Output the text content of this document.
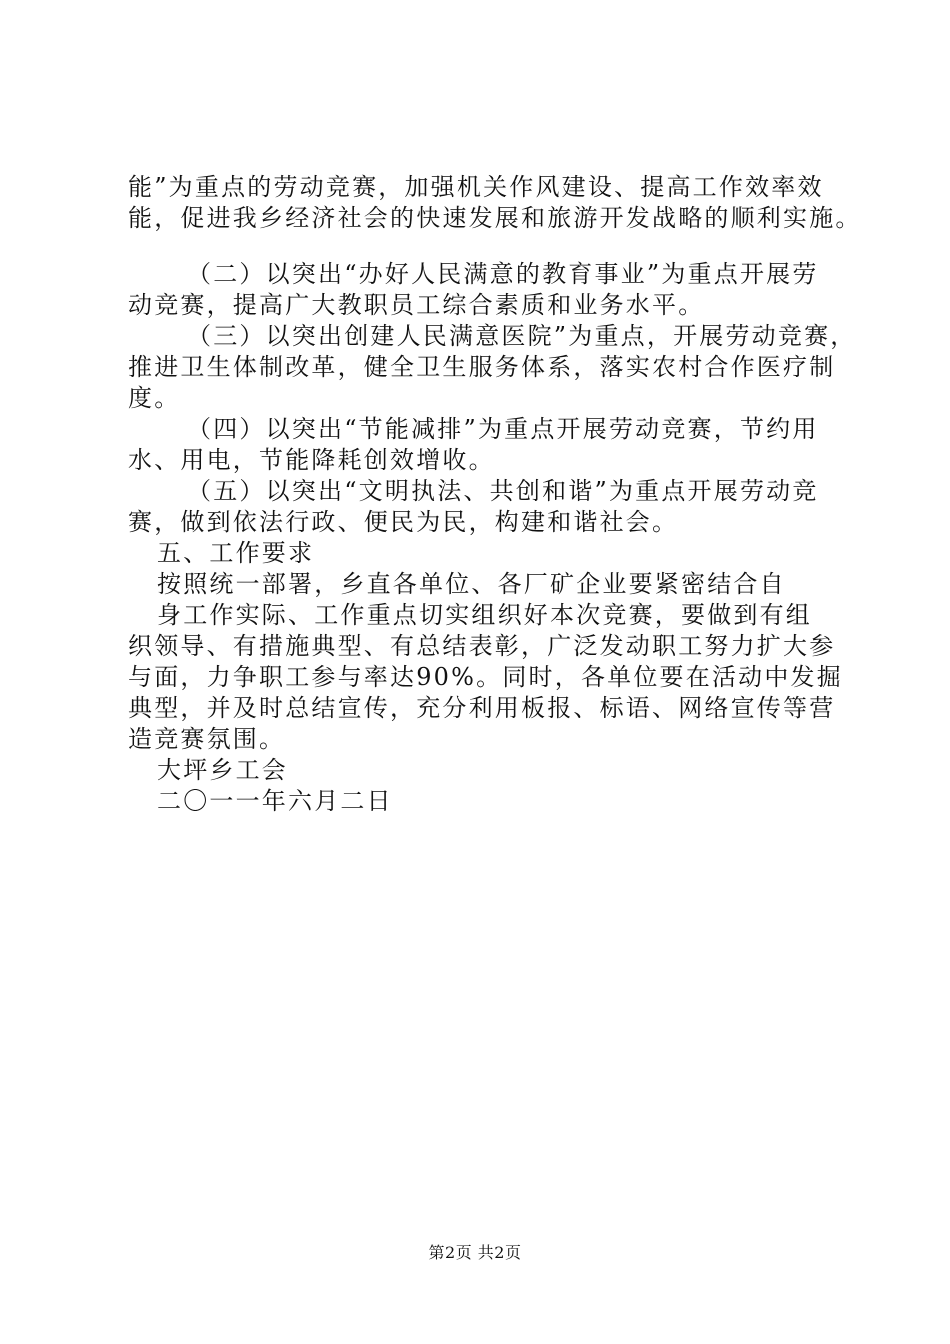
能”为重点的劳动竞赛，加强机关作风建设、提高工作效率效

能，促进我乡经济社会的快速发展和旅游开发战略的顺利实施。

（二）以突出“办好人民满意的教育事业”为重点开展劳

动竞赛，提高广大教职员工综合素质和业务水平。

（三）以突出创建人民满意医院”为重点，开展劳动竞赛，

推进卫生体制改革，健全卫生服务体系，落实农村合作医疗制

度。

（四）以突出“节能减排”为重点开展劳动竞赛，节约用

水、用电，节能降耗创效增收。

（五）以突出“文明执法、共创和谐”为重点开展劳动竞

赛，做到依法行政、便民为民，构建和谐社会。

五、工作要求

按照统一部署，乡直各单位、各厂矿企业要紧密结合自

身工作实际、工作重点切实组织好本次竞赛，要做到有组

织领导、有措施典型、有总结表彰，广泛发动职工努力扩大参

与面，力争职工参与率达90%。同时，各单位要在活动中发掘

典型，并及时总结宣传，充分利用板报、标语、网络宣传等营

造竞赛氛围。

大坪乡工会

二〇一一年六月二日

第2页 共2页
